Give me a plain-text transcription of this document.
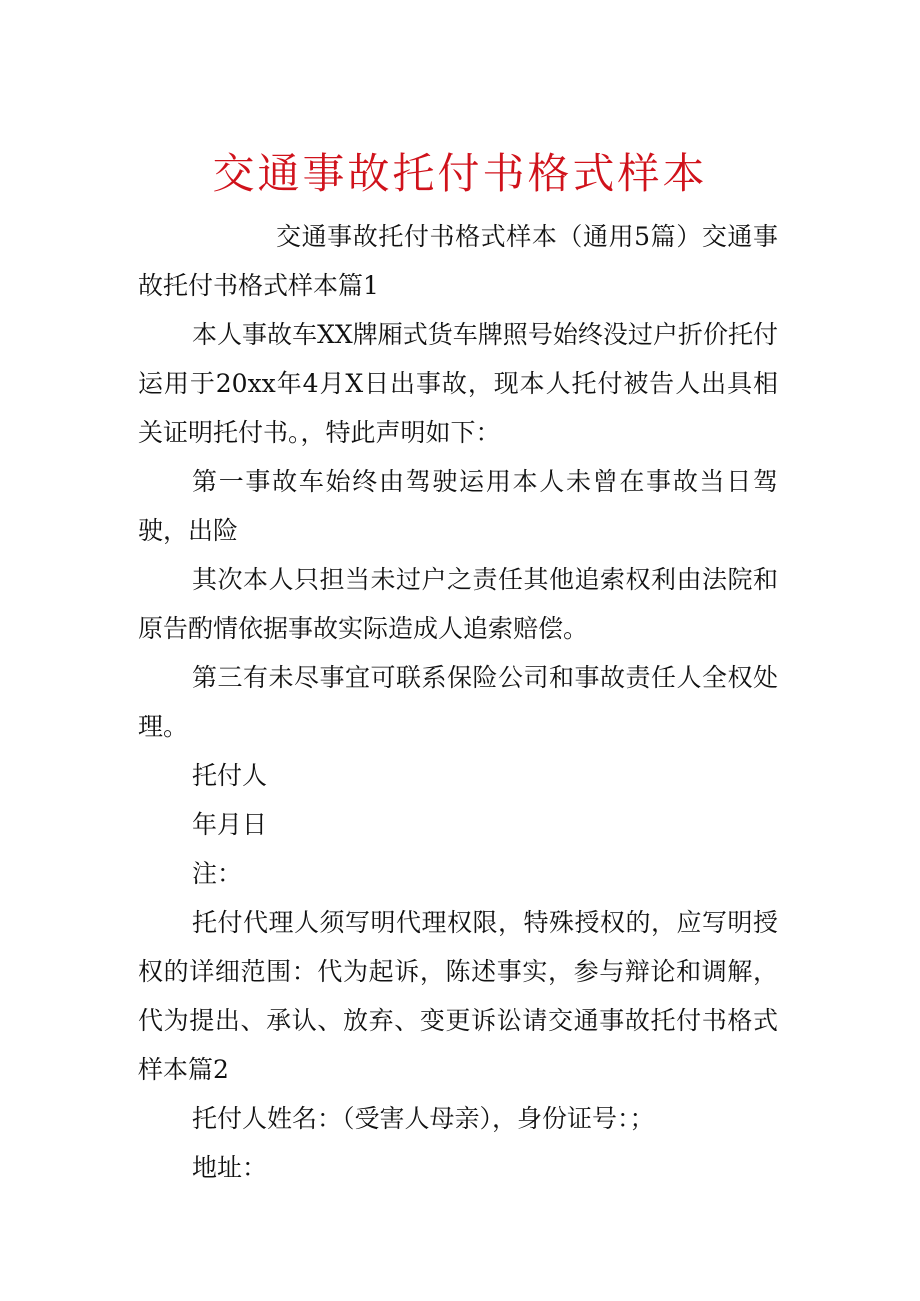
交通事故托付书格式样本

交通事故托付书格式样本（通用5篇）交通事故托付书格式样本篇1

本人事故车XX牌厢式货车牌照号始终没过户折价托付运用于20xx年4月X日出事故，现本人托付被告人出具相关证明托付书。，特此声明如下：

第一事故车始终由驾驶运用本人未曾在事故当日驾驶，出险

其次本人只担当未过户之责任其他追索权利由法院和原告酌情依据事故实际造成人追索赔偿。

第三有未尽事宜可联系保险公司和事故责任人全权处理。

托付人

年月日

注：

托付代理人须写明代理权限，特殊授权的，应写明授权的详细范围：代为起诉，陈述事实，参与辩论和调解，代为提出、承认、放弃、变更诉讼请交通事故托付书格式样本篇2

托付人姓名：（受害人母亲），身份证号：；

地址：
